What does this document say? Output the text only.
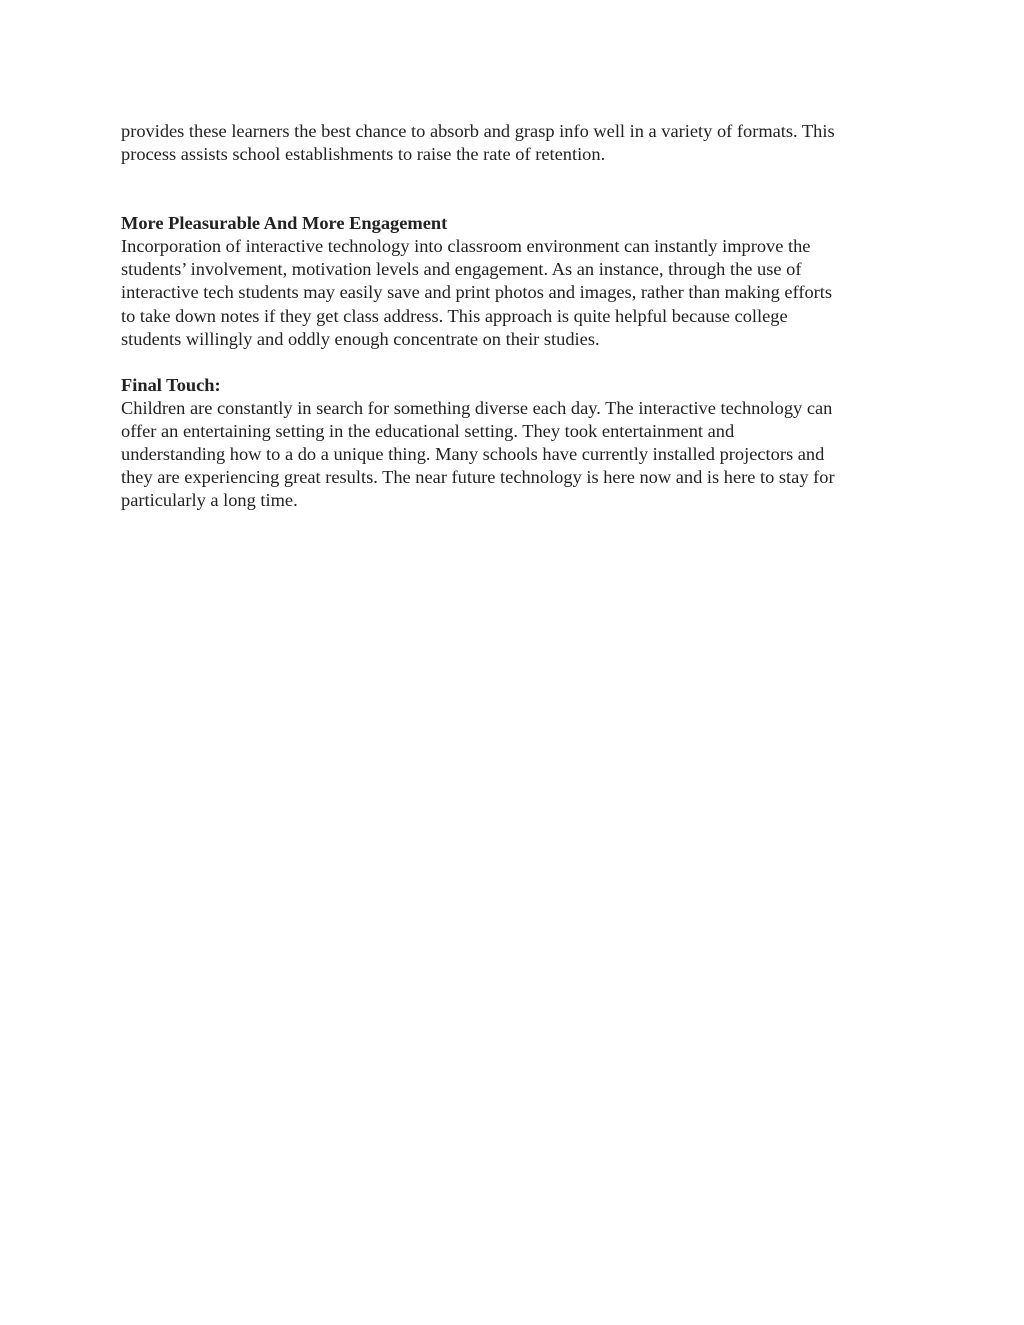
provides these learners the best chance to absorb and grasp info well in a variety of formats. This
process assists school establishments to raise the rate of retention.
More Pleasurable And More Engagement
Incorporation of interactive technology into classroom environment can instantly improve the
students’ involvement, motivation levels and engagement. As an instance, through the use of
interactive tech students may easily save and print photos and images, rather than making efforts
to take down notes if they get class address. This approach is quite helpful because college
students willingly and oddly enough concentrate on their studies.
Final Touch:
Children are constantly in search for something diverse each day. The interactive technology can
offer an entertaining setting in the educational setting. They took entertainment and
understanding how to a do a unique thing. Many schools have currently installed projectors and
they are experiencing great results. The near future technology is here now and is here to stay for
particularly a long time.
